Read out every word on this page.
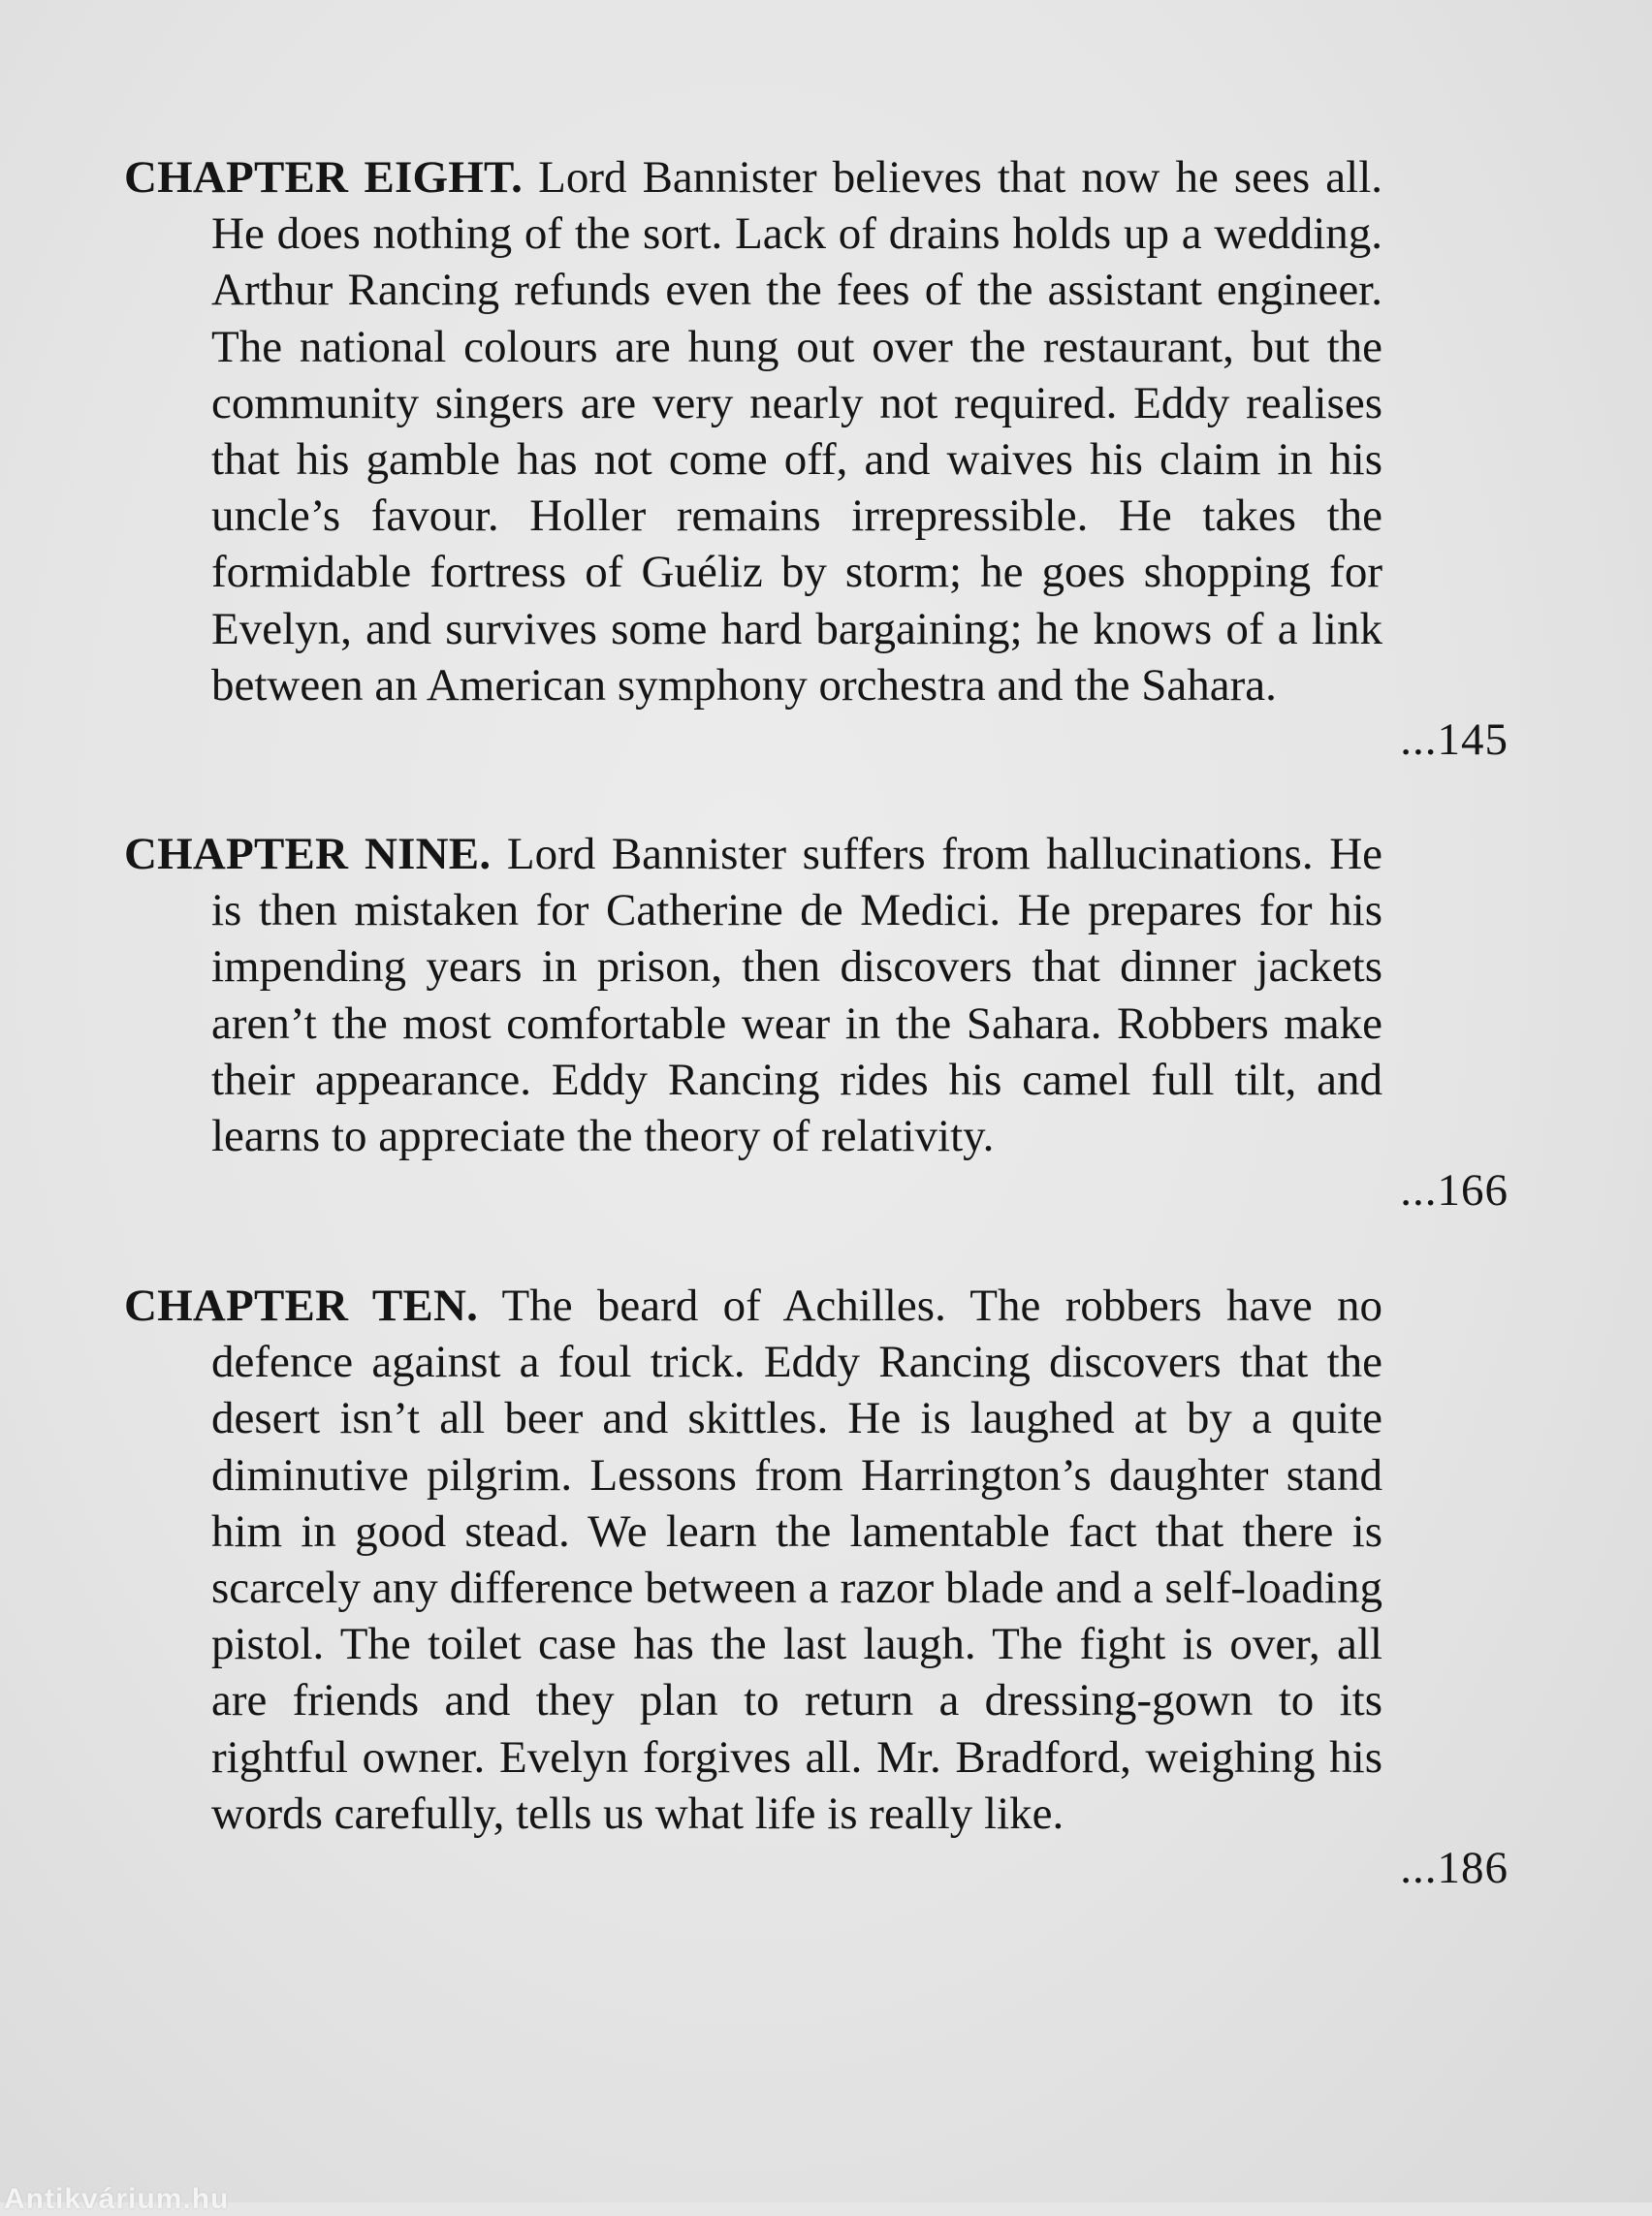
CHAPTER EIGHT. Lord Bannister believes that now he sees all. He does nothing of the sort. Lack of drains holds up a wedding. Arthur Rancing refunds even the fees of the assistant engineer. The national colours are hung out over the restaurant, but the community singers are very nearly not required. Eddy realises that his gamble has not come off, and waives his claim in his uncle’s favour. Holler remains irrepressible. He takes the formidable fortress of Guéliz by storm; he goes shopping for Evelyn, and survives some hard bargaining; he knows of a link between an American symphony orchestra and the Sahara.
...145
CHAPTER NINE. Lord Bannister suffers from hallucinations. He is then mistaken for Catherine de Medici. He prepares for his impending years in prison, then discovers that dinner jackets aren’t the most comfortable wear in the Sahara. Robbers make their appearance. Eddy Rancing rides his camel full tilt, and learns to appreciate the theory of relativity.
...166
CHAPTER TEN. The beard of Achilles. The robbers have no defence against a foul trick. Eddy Rancing discovers that the desert isn’t all beer and skittles. He is laughed at by a quite diminutive pilgrim. Lessons from Harrington’s daughter stand him in good stead. We learn the lamentable fact that there is scarcely any difference between a razor blade and a self-loading pistol. The toilet case has the last laugh. The fight is over, all are friends and they plan to return a dressing-gown to its rightful owner. Evelyn forgives all. Mr. Bradford, weighing his words carefully, tells us what life is really like.
...186
Antikvárium.hu
